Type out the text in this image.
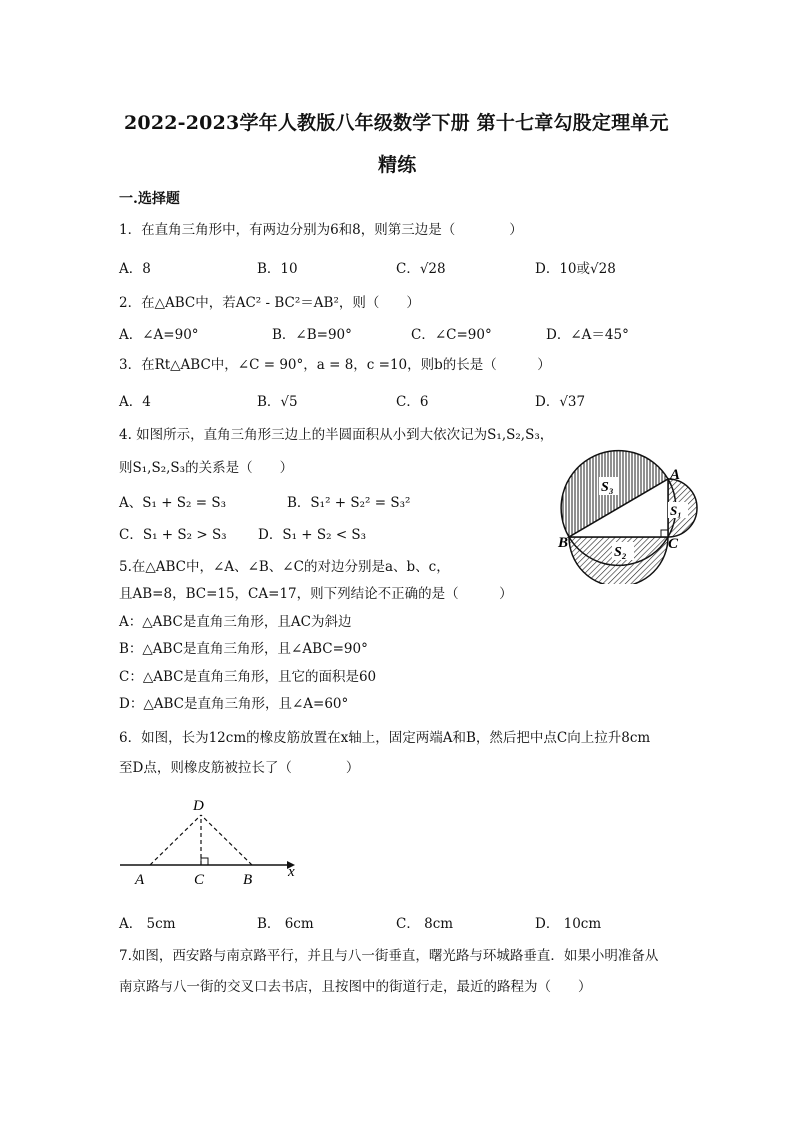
2022-2023学年人教版八年级数学下册 第十七章勾股定理单元
精练
一.选择题
1．在直角三角形中，有两边分别为6和8，则第三边是（　　　　）
A．8	B．10	C．√28	D．10或√28
2．在△ABC中，若AC² - BC²＝AB²，则（　　）
A．∠A=90°	B．∠B=90°	C．∠C=90°	D．∠A＝45°
3．在Rt△ABC中，∠C = 90°，a = 8，c =10，则b的长是（　　　）
A．4	B．√5	C．6	D．√37
4. 如图所示，直角三角形三边上的半圆面积从小到大依次记为S₁,S₂,S₃，
则S₁,S₂,S₃的关系是（　　）
A、S₁ + S₂ = S₃	B．S₁² + S₂² = S₃²
C．S₁ + S₂ > S₃ D．S₁ + S₂ < S₃
S₃
S₂
S₁
A
B	C
5.在△ABC中，∠A、∠B、∠C的对边分别是a、b、c，
且AB=8，BC=15，CA=17，则下列结论不正确的是（　　　）
A：△ABC是直角三角形，且AC为斜边
B：△ABC是直角三角形，且∠ABC=90°
C：△ABC是直角三角形，且它的面积是60
D：△ABC是直角三角形，且∠A=60°
6．如图，长为12cm的橡皮筋放置在x轴上，固定两端A和B，然后把中点C向上拉升8cm
至D点，则橡皮筋被拉长了（　　　　）
D
A	C	B x
A． 5cm	B． 6cm	C． 8cm	D． 10cm
7.如图，西安路与南京路平行，并且与八一街垂直，曙光路与环城路垂直．如果小明准备从
南京路与八一街的交叉口去书店，且按图中的街道行走，最近的路程为（　　）
